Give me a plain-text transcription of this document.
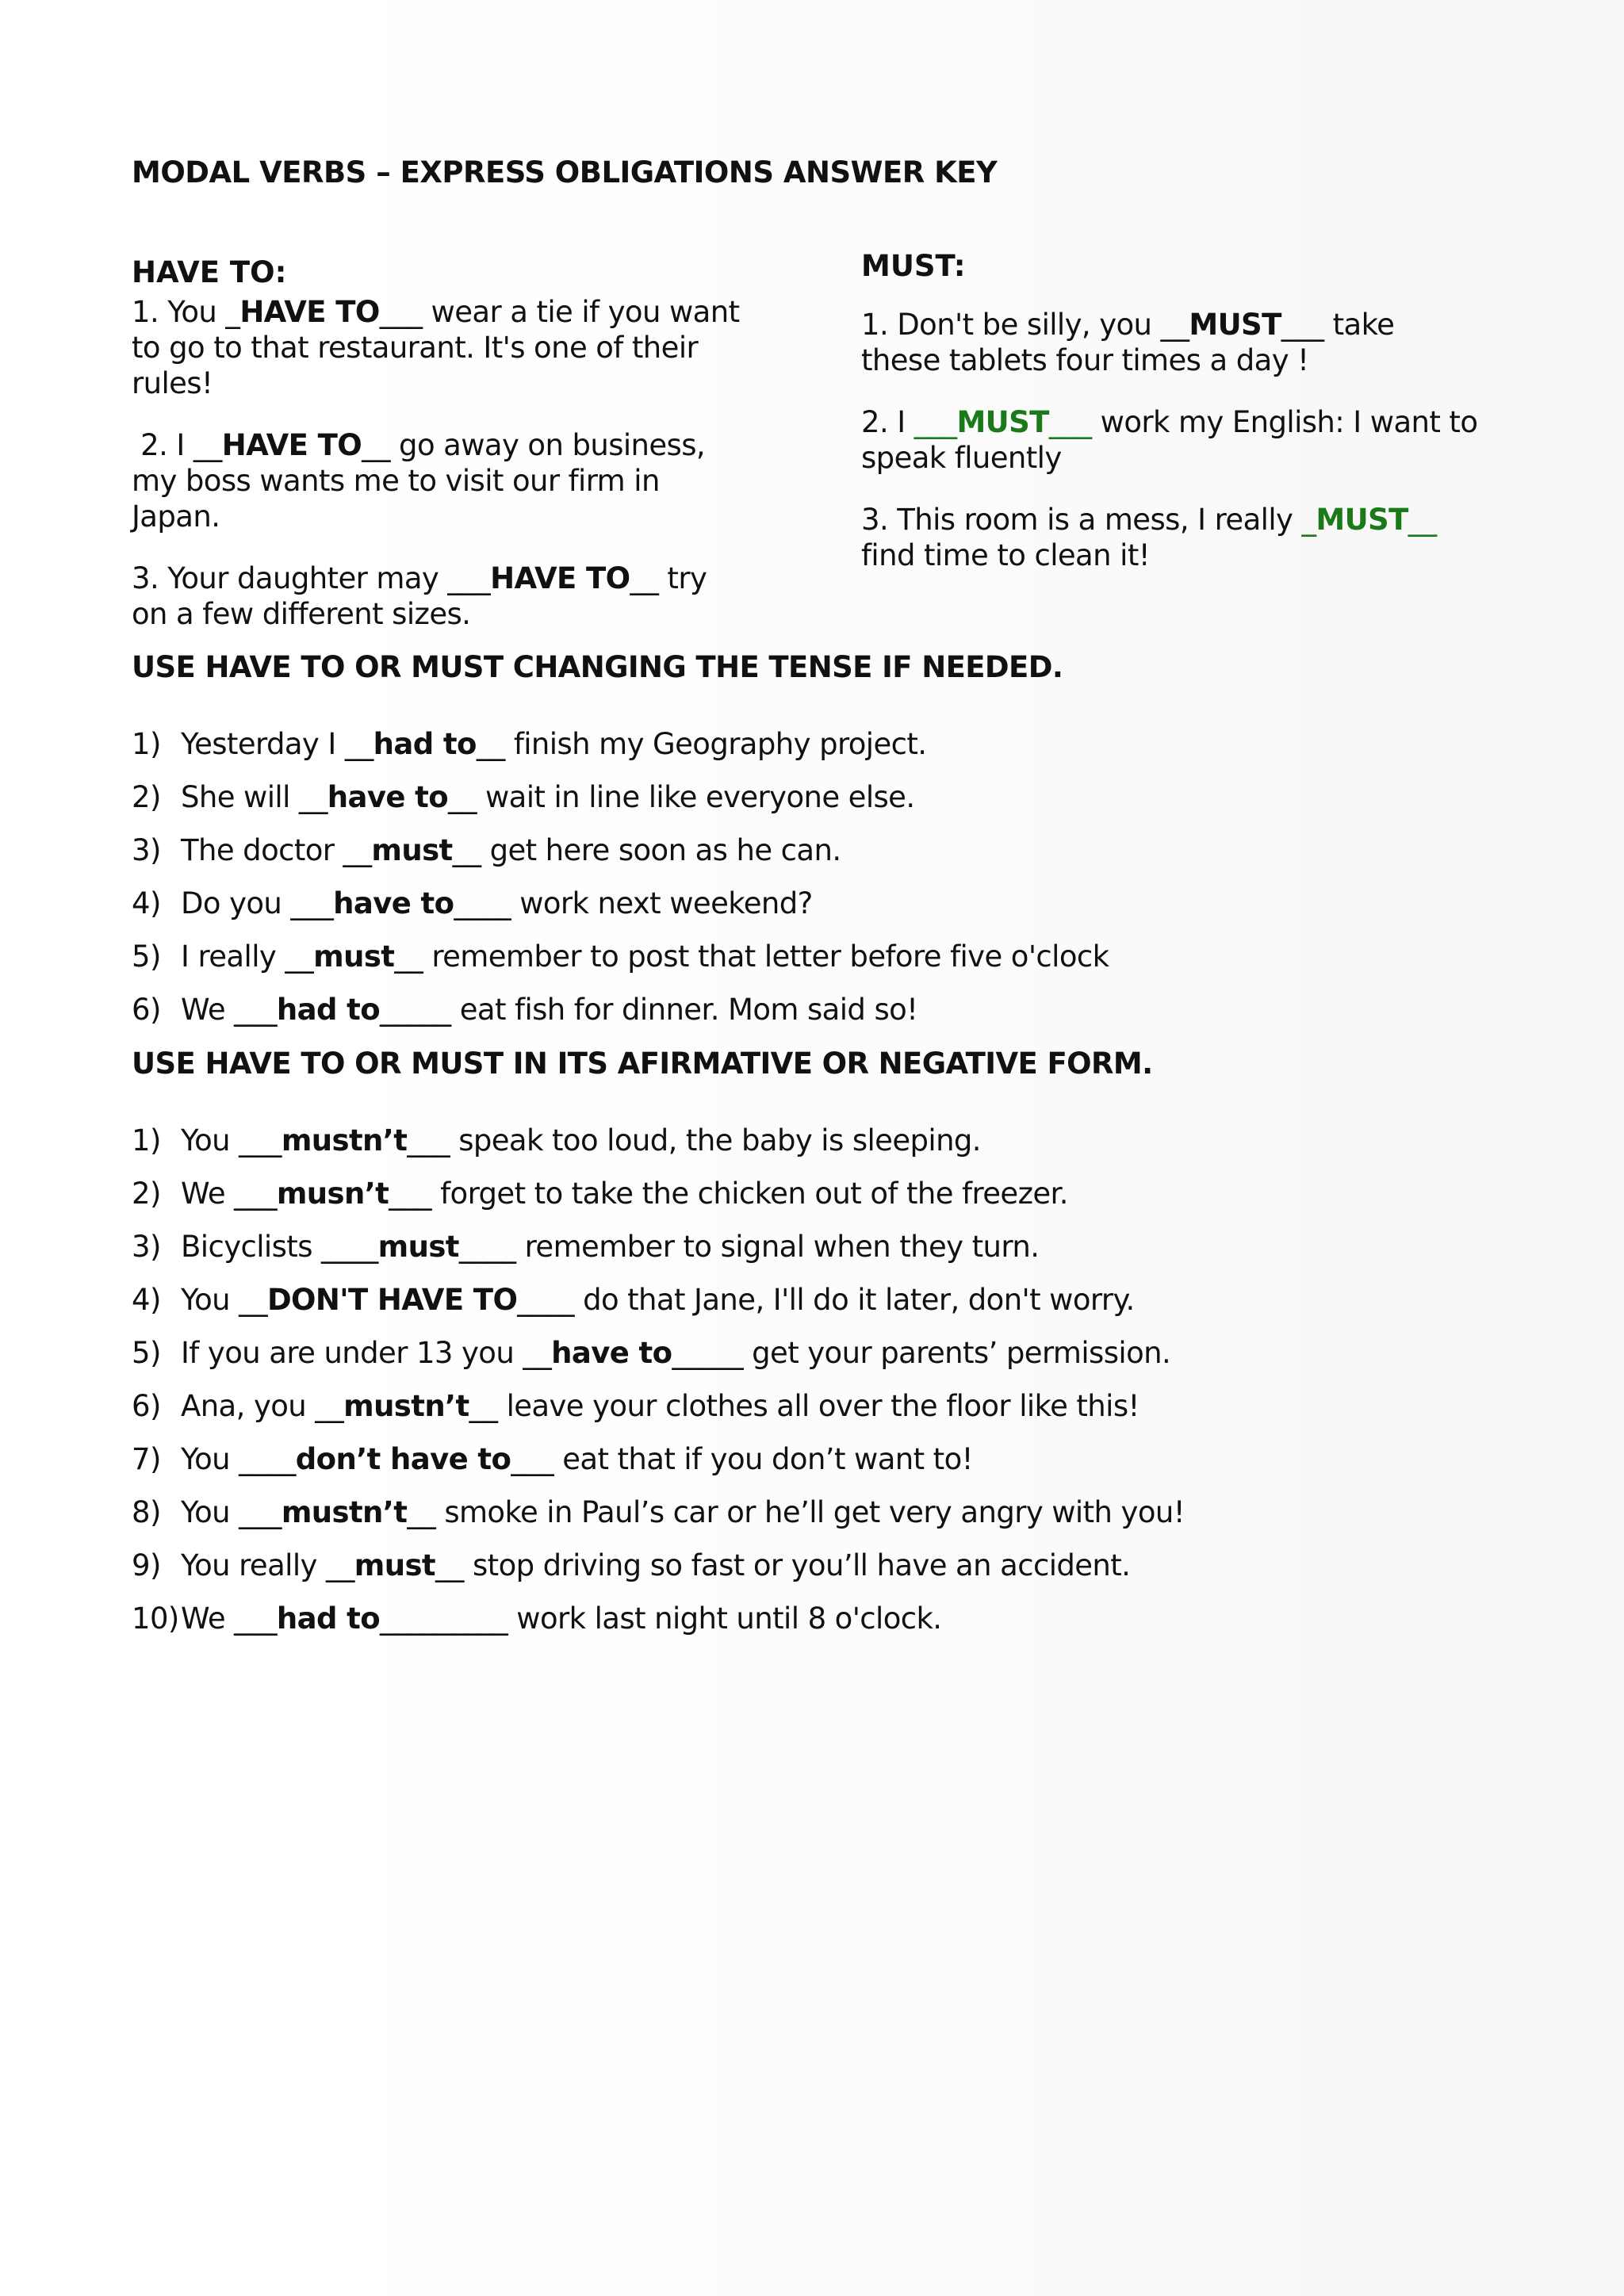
MODAL VERBS – EXPRESS OBLIGATIONS ANSWER KEY
HAVE TO:
1. You _HAVE TO___ wear a tie if you want to go to that restaurant. It's one of their rules!
2. I __HAVE TO__ go away on business, my boss wants me to visit our firm in Japan.
3. Your daughter may ___HAVE TO__ try on a few different sizes.
MUST:
1. Don't be silly, you __MUST___ take these tablets four times a day !
2. I ___MUST___ work my English: I want to speak fluently
3. This room is a mess, I really _MUST__ find time to clean it!
USE HAVE TO OR MUST CHANGING THE TENSE IF NEEDED.
1) Yesterday I __had to__ finish my Geography project.
2) She will __have to__ wait in line like everyone else.
3) The doctor __must__ get here soon as he can.
4) Do you ___have to____ work next weekend?
5) I really __must__ remember to post that letter before five o'clock
6) We ___had to_____ eat fish for dinner. Mom said so!
USE HAVE TO OR MUST IN ITS AFIRMATIVE OR NEGATIVE FORM.
1) You ___mustn’t___ speak too loud, the baby is sleeping.
2) We ___musn’t___ forget to take the chicken out of the freezer.
3) Bicyclists ____must____ remember to signal when they turn.
4) You __DON'T HAVE TO____ do that Jane, I'll do it later, don't worry.
5) If you are under 13 you __have to_____ get your parents’ permission.
6) Ana, you __mustn’t__ leave your clothes all over the floor like this!
7) You ____don’t have to___ eat that if you don’t want to!
8) You ___mustn’t__ smoke in Paul’s car or he’ll get very angry with you!
9) You really __must__ stop driving so fast or you’ll have an accident.
10) We ___had to_________ work last night until 8 o'clock.
